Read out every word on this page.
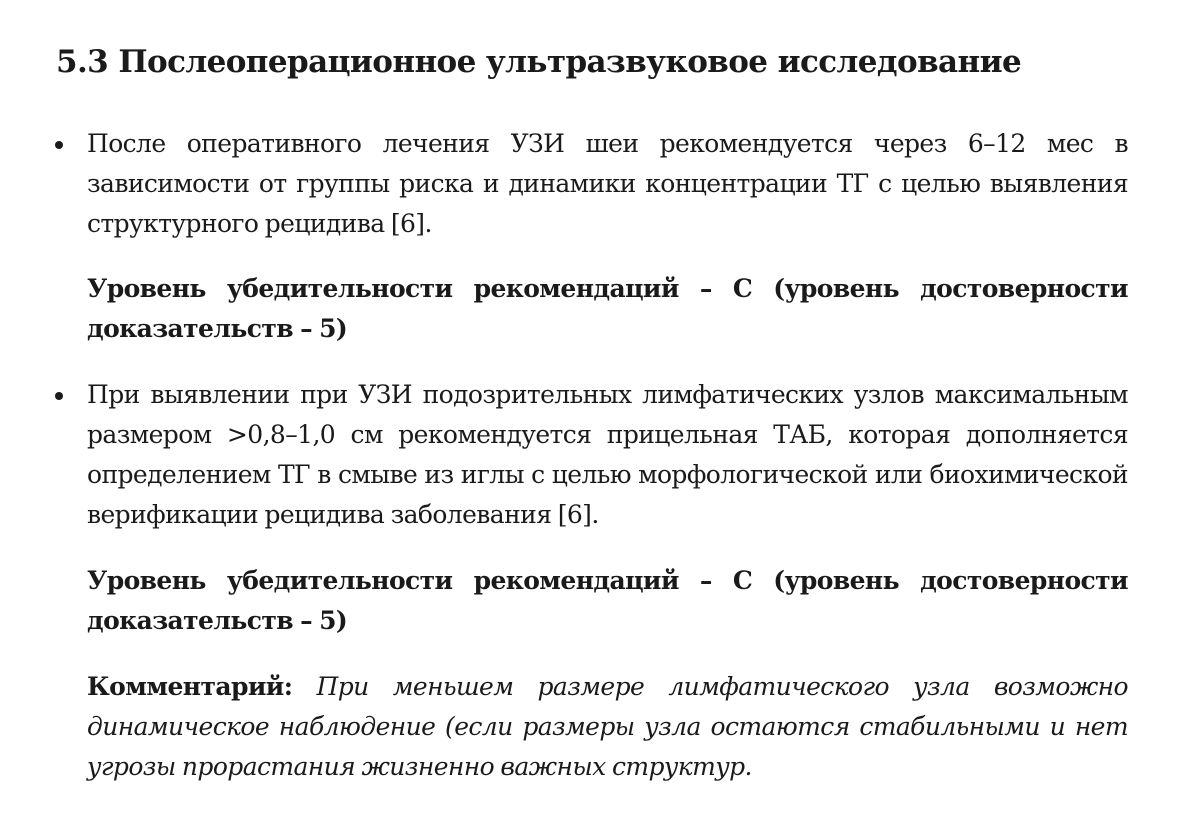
5.3 Послеоперационное ультразвуковое исследование
После оперативного лечения УЗИ шеи рекомендуется через 6–12 мес в зависимости от группы риска и динамики концентрации ТГ с целью выявления структурного рецидива [6].
Уровень убедительности рекомендаций – C (уровень достоверности доказательств – 5)
При выявлении при УЗИ подозрительных лимфатических узлов максимальным размером >0,8–1,0 см рекомендуется прицельная ТАБ, которая дополняется определением ТГ в смыве из иглы с целью морфологической или биохимической верификации рецидива заболевания [6].
Уровень убедительности рекомендаций – C (уровень достоверности доказательств – 5)
Комментарий: При меньшем размере лимфатического узла возможно динамическое наблюдение (если размеры узла остаются стабильными и нет угрозы прорастания жизненно важных структур.
